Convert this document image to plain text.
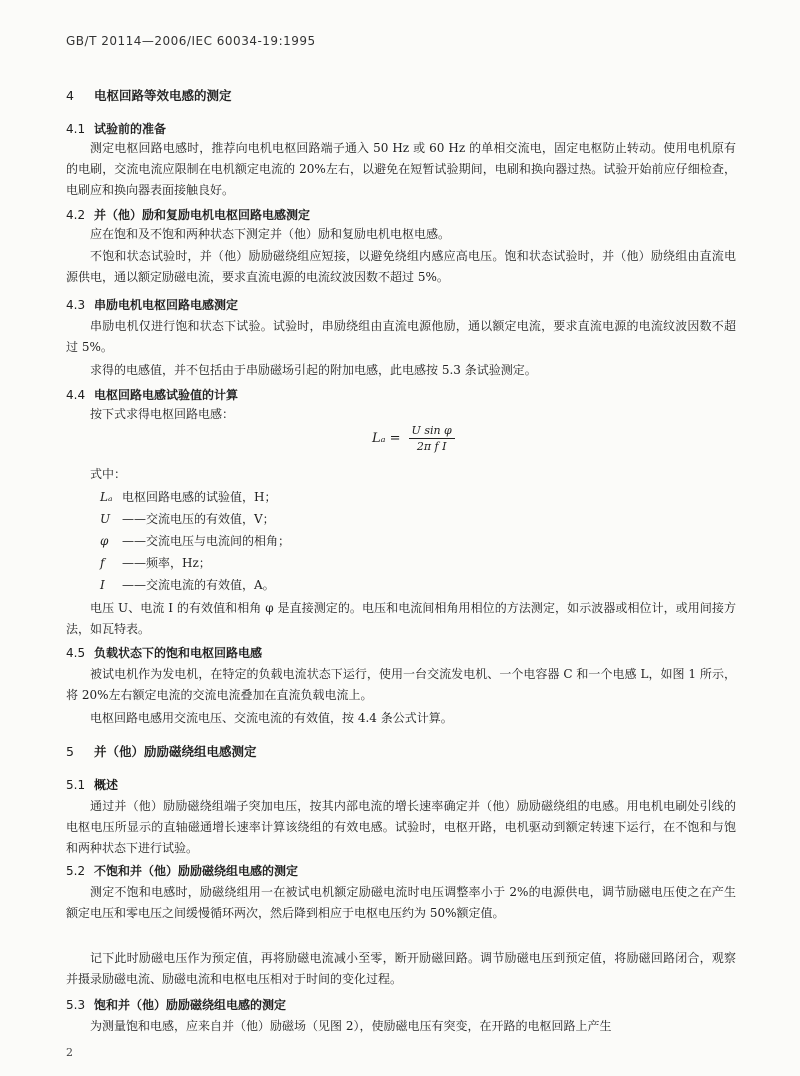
GB/T 20114—2006/IEC 60034-19:1995
4 电枢回路等效电感的测定
4.1 试验前的准备
测定电枢回路电感时，推荐向电机电枢回路端子通入 50 Hz 或 60 Hz 的单相交流电，固定电枢防止转动。使用电机原有的电刷，交流电流应限制在电机额定电流的 20%左右，以避免在短暂试验期间，电刷和换向器过热。试验开始前应仔细检查，电刷应和换向器表面接触良好。
4.2 并（他）励和复励电机电枢回路电感测定
应在饱和及不饱和两种状态下测定并（他）励和复励电机电枢电感。
不饱和状态试验时，并（他）励励磁绕组应短接，以避免绕组内感应高电压。饱和状态试验时，并（他）励绕组由直流电源供电，通以额定励磁电流，要求直流电源的电流纹波因数不超过 5%。
4.3 串励电机电枢回路电感测定
串励电机仅进行饱和状态下试验。试验时，串励绕组由直流电源他励，通以额定电流，要求直流电源的电流纹波因数不超过 5%。
求得的电感值，并不包括由于串励磁场引起的附加电感，此电感按 5.3 条试验测定。
4.4 电枢回路电感试验值的计算
按下式求得电枢回路电感：
$L_a = \frac{\text{U sin φ}}{\text{2π f I}}$
式中：
Lₐ 电枢回路电感的试验值，H；
U ——交流电压的有效值，V；
φ ——交流电压与电流间的相角；
f ——频率，Hz；
I ——交流电流的有效值，A。
电压 U、电流 I 的有效值和相角 φ 是直接测定的。电压和电流间相角用相位的方法测定，如示波器或相位计，或用间接方法，如瓦特表。
4.5 负载状态下的饱和电枢回路电感
被试电机作为发电机，在特定的负载电流状态下运行，使用一台交流发电机、一个电容器 C 和一个电感 L，如图 1 所示，将 20%左右额定电流的交流电流叠加在直流负载电流上。
电枢回路电感用交流电压、交流电流的有效值，按 4.4 条公式计算。
5 并（他）励励磁绕组电感测定
5.1 概述
通过并（他）励励磁绕组端子突加电压，按其内部电流的增长速率确定并（他）励励磁绕组的电感。用电机电刷处引线的电枢电压所显示的直轴磁通增长速率计算该绕组的有效电感。试验时，电枢开路，电机驱动到额定转速下运行，在不饱和与饱和两种状态下进行试验。
5.2 不饱和并（他）励励磁绕组电感的测定
测定不饱和电感时，励磁绕组用一在被试电机额定励磁电流时电压调整率小于 2%的电源供电，调节励磁电压使之在产生额定电压和零电压之间缓慢循环两次，然后降到相应于电枢电压约为 50%额定值。
记下此时励磁电压作为预定值，再将励磁电流减小至零，断开励磁回路。调节励磁电压到预定值，将励磁回路闭合，观察并摄录励磁电流、励磁电流和电枢电压相对于时间的变化过程。
5.3 饱和并（他）励励磁绕组电感的测定
为测量饱和电感，应来自并（他）励磁场（见图 2），使励磁电压有突变，在开路的电枢回路上产生
2
